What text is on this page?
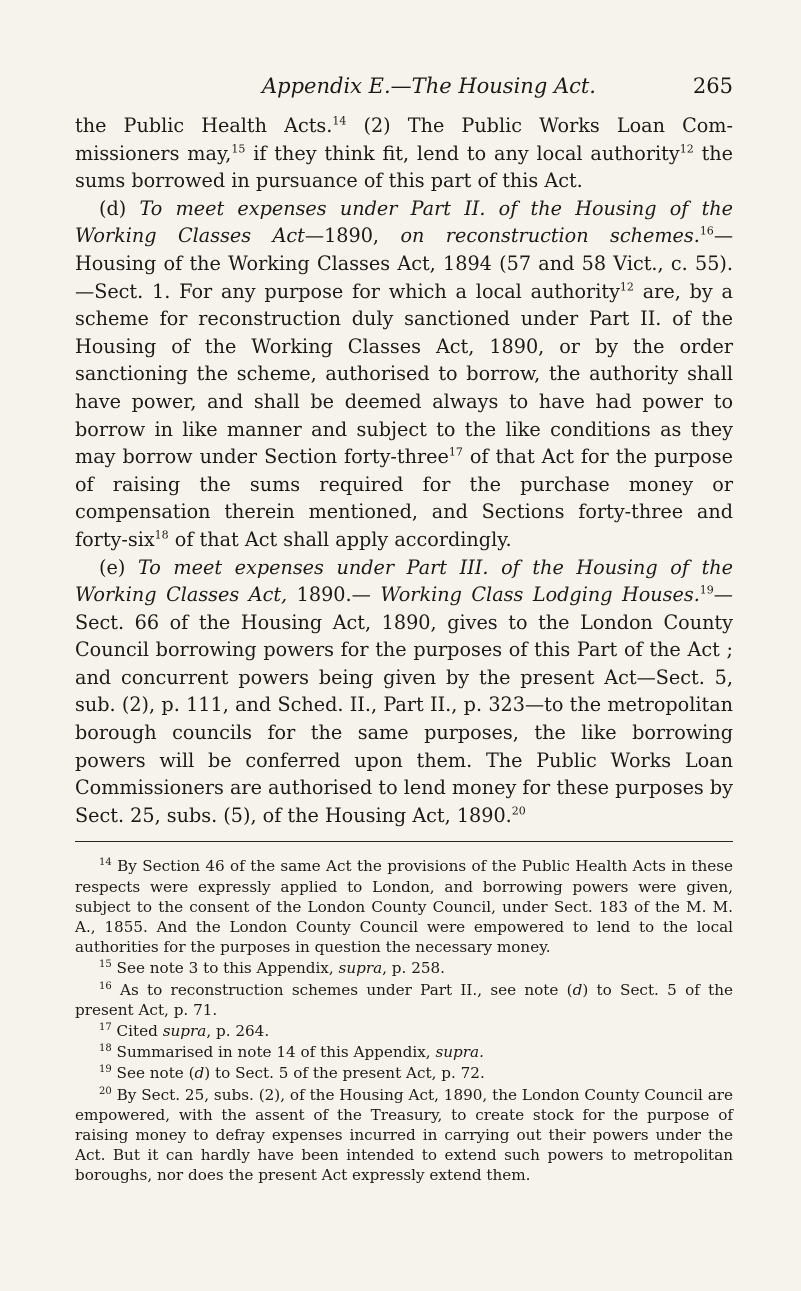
Appendix E.—The Housing Act.	265

the Public Health Acts.$^{14}$ (2) The Public Works Loan Com-missioners may,$^{15}$ if they think fit, lend to any local authority$^{12}$ the sums borrowed in pursuance of this part of this Act.

(d) To meet expenses under Part II. of the Housing of the Working Classes Act—1890, on reconstruction schemes.$^{16}$—Housing of the Working Classes Act, 1894 (57 and 58 Vict., c. 55).—Sect. 1. For any purpose for which a local authority$^{12}$ are, by a scheme for reconstruction duly sanctioned under Part II. of the Housing of the Working Classes Act, 1890, or by the order sanctioning the scheme, authorised to borrow, the authority shall have power, and shall be deemed always to have had power to borrow in like manner and subject to the like conditions as they may borrow under Section forty-three$^{17}$ of that Act for the purpose of raising the sums required for the purchase money or compensation therein mentioned, and Sections forty-three and forty-six$^{18}$ of that Act shall apply accordingly.

(e) To meet expenses under Part III. of the Housing of the Working Classes Act, 1890.— Working Class Lodging Houses.$^{19}$—Sect. 66 of the Housing Act, 1890, gives to the London County Council borrowing powers for the purposes of this Part of the Act ; and concurrent powers being given by the present Act—Sect. 5, sub. (2), p. 111, and Sched. II., Part II., p. 323—to the metropolitan borough councils for the same purposes, the like borrowing powers will be conferred upon them. The Public Works Loan Commissioners are authorised to lend money for these purposes by Sect. 25, subs. (5), of the Housing Act, 1890.20

$^{14}$ By Section 46 of the same Act the provisions of the Public Health Acts in these respects were expressly applied to London, and borrowing powers were given, subject to the consent of the London County Council, under Sect. 183 of the M. M. A., 1855. And the London County Council were empowered to lend to the local authorities for the purposes in question the necessary money.

$^{15}$ See note 3 to this Appendix, supra, p. 258.

$^{16}$ As to reconstruction schemes under Part II., see note (d) to Sect. 5 of the present Act, p. 71.

$^{17}$ Cited supra, p. 264.

$^{18}$ Summarised in note 14 of this Appendix, supra.

$^{19}$ See note (d) to Sect. 5 of the present Act, p. 72.

$^{20}$ By Sect. 25, subs. (2), of the Housing Act, 1890, the London County Council are empowered, with the assent of the Treasury, to create stock for the purpose of raising money to defray expenses incurred in carrying out their powers under the Act. But it can hardly have been intended to extend such powers to metropolitan boroughs, nor does the present Act expressly extend them.
